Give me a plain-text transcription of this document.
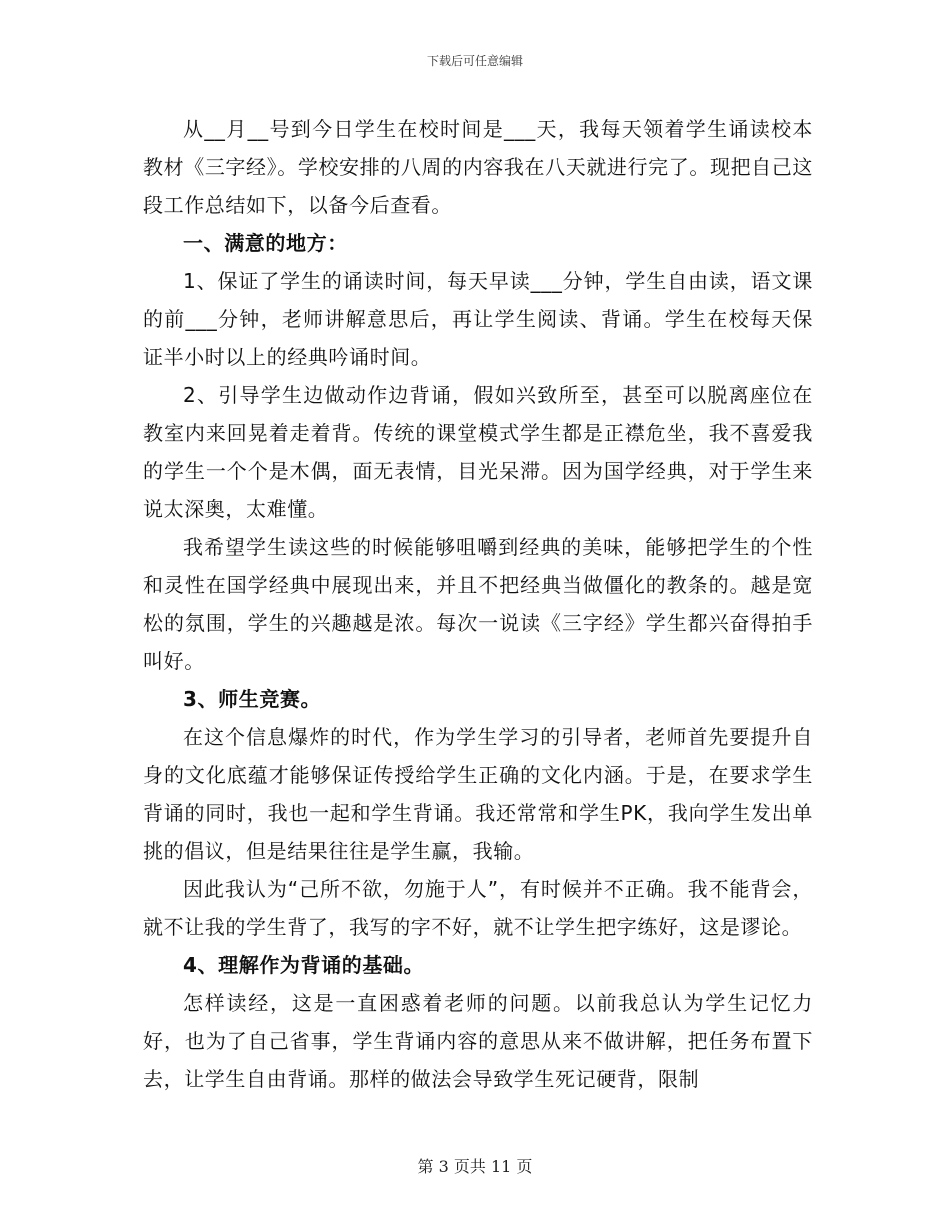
下载后可任意编辑

从__月__号到今日学生在校时间是___天，我每天领着学生诵读校本教材《三字经》。学校安排的八周的内容我在八天就进行完了。现把自己这段工作总结如下，以备今后查看。

一、满意的地方：

1、保证了学生的诵读时间，每天早读___分钟，学生自由读，语文课的前___分钟，老师讲解意思后，再让学生阅读、背诵。学生在校每天保证半小时以上的经典吟诵时间。

2、引导学生边做动作边背诵，假如兴致所至，甚至可以脱离座位在教室内来回晃着走着背。传统的课堂模式学生都是正襟危坐，我不喜爱我的学生一个个是木偶，面无表情，目光呆滞。因为国学经典，对于学生来说太深奥，太难懂。

我希望学生读这些的时候能够咀嚼到经典的美味，能够把学生的个性和灵性在国学经典中展现出来，并且不把经典当做僵化的教条的。越是宽松的氛围，学生的兴趣越是浓。每次一说读《三字经》学生都兴奋得拍手叫好。

3、师生竞赛。

在这个信息爆炸的时代，作为学生学习的引导者，老师首先要提升自身的文化底蕴才能够保证传授给学生正确的文化内涵。于是，在要求学生背诵的同时，我也一起和学生背诵。我还常常和学生PK，我向学生发出单挑的倡议，但是结果往往是学生赢，我输。

因此我认为“己所不欲，勿施于人”，有时候并不正确。我不能背会，就不让我的学生背了，我写的字不好，就不让学生把字练好，这是谬论。

4、理解作为背诵的基础。

怎样读经，这是一直困惑着老师的问题。以前我总认为学生记忆力好，也为了自己省事，学生背诵内容的意思从来不做讲解，把任务布置下去，让学生自由背诵。那样的做法会导致学生死记硬背，限制

第 3 页共 11 页
